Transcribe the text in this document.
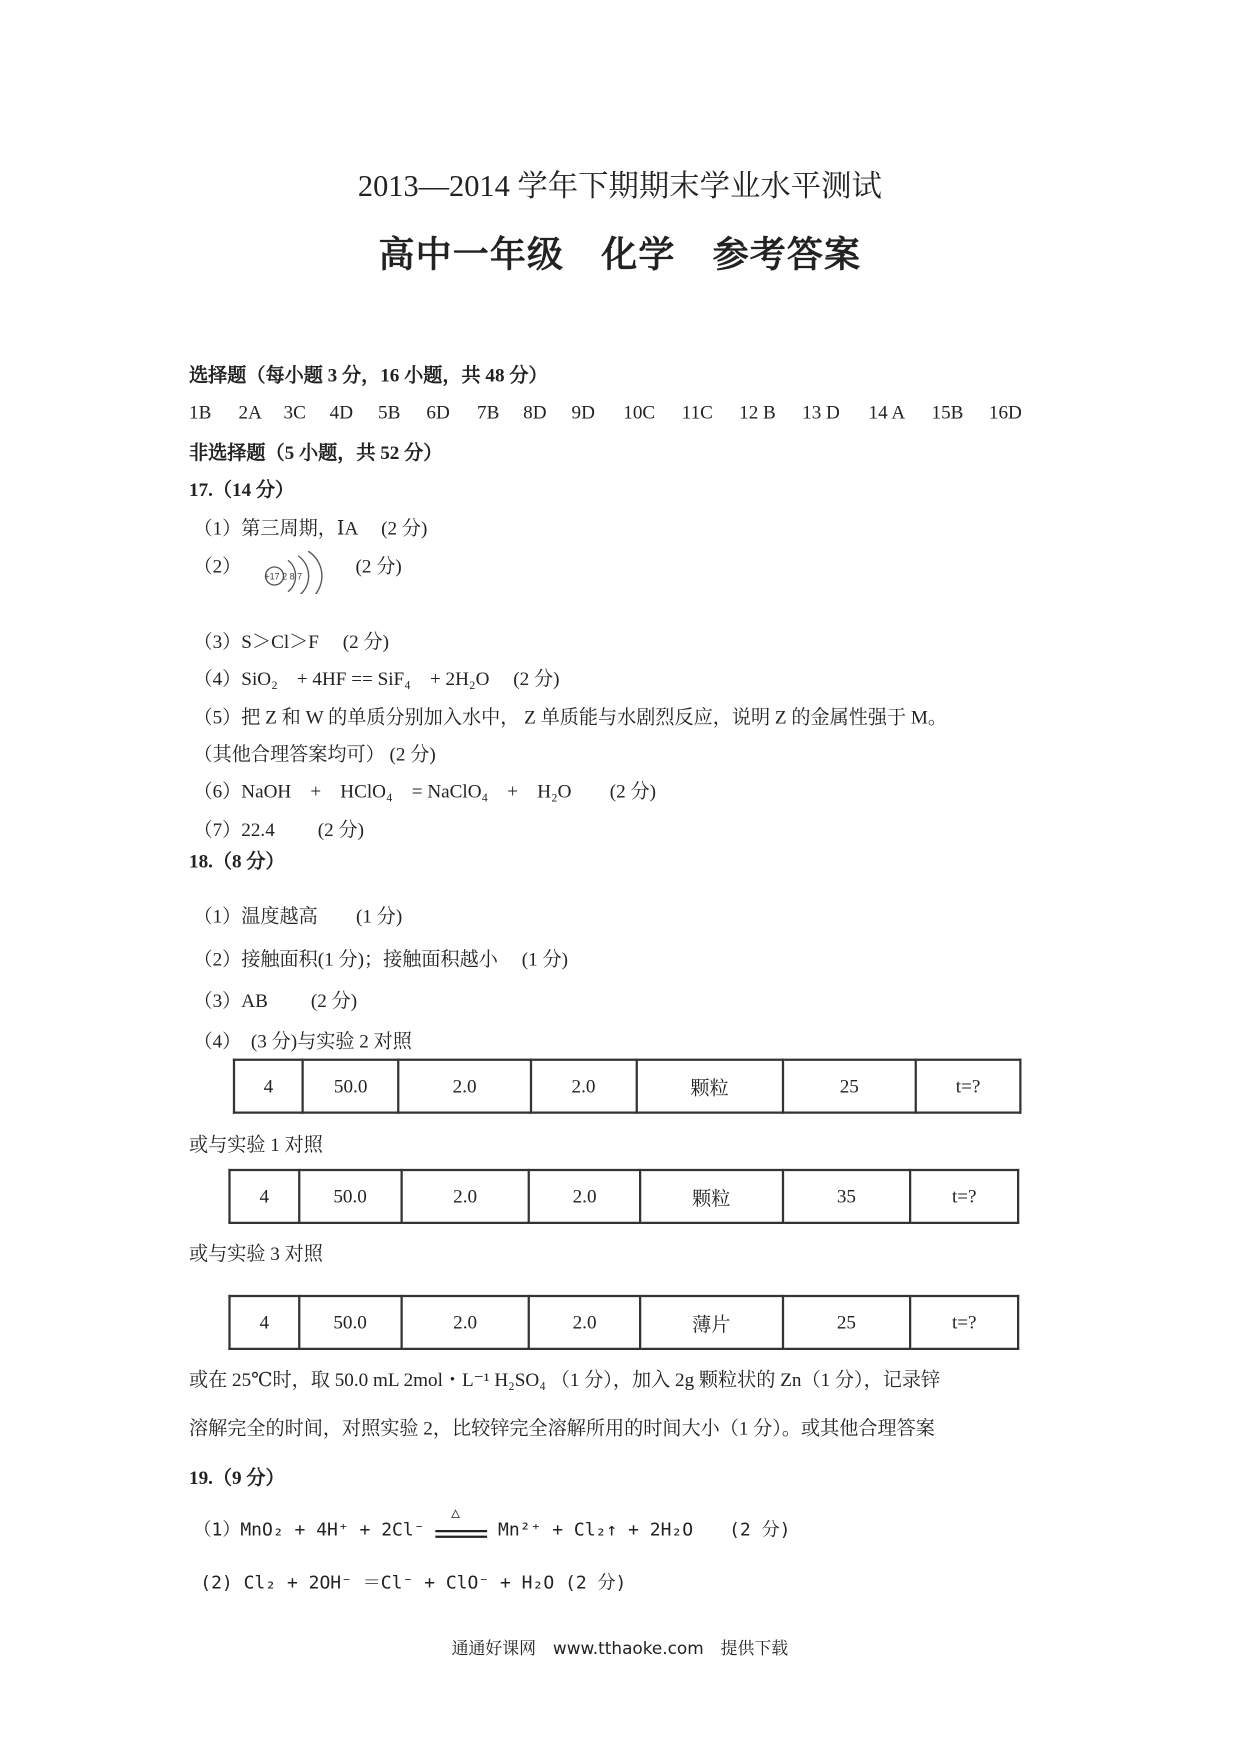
2013—2014 学年下期期末学业水平测试
高中一年级　化学　参考答案
选择题（每小题 3 分，16 小题，共 48 分）
1B 2A 3C 4D 5B 6D 7B 8D 9D 10C 11C 12 B 13 D 14 A 15B 16D
非选择题（5 小题，共 52 分）
17.（14 分）
（1）第三周期，ⅠA　 (2 分)
（2）	+17 2 8 7	(2 分)
（3）S＞Cl＞F　 (2 分)
（4）SiO₂　+ 4HF == SiF₄　+ 2H₂O　 (2 分)
（5）把 Z 和 W 的单质分别加入水中， Z 单质能与水剧烈反应，说明 Z 的金属性强于 M。
（其他合理答案均可） (2 分)
（6）NaOH　+　HClO₄　= NaClO₄　+　H₂O　　(2 分)
（7）22.4　　 (2 分)
18.（8 分）
（1）温度越高　　(1 分)
（2）接触面积(1 分)；接触面积越小　 (1 分)
（3）AB　　 (2 分)
（4）　(3 分)与实验 2 对照
4	50.0	2.0	2.0	颗粒	25	t=?
或与实验 1 对照
4	50.0	2.0	2.0	颗粒	35	t=?
或与实验 3 对照
4	50.0	2.0	2.0	薄片	25	t=?
或在 25℃时，取 50.0 mL 2mol・L⁻¹ H₂SO₄ （1 分），加入 2g 颗粒状的 Zn（1 分），记录锌
溶解完全的时间，对照实验 2，比较锌完全溶解所用的时间大小（1 分）。或其他合理答案
19.（9 分）
（1）MnO₂ + 4H⁺ + 2Cl⁻
△
Mn²⁺ + Cl₂↑ + 2H₂O　　(2 分)
(2) Cl₂ + 2OH⁻ ＝Cl⁻ + ClO⁻ + H₂O (2 分)
通通好课网　www.tthaoke.com　提供下载
